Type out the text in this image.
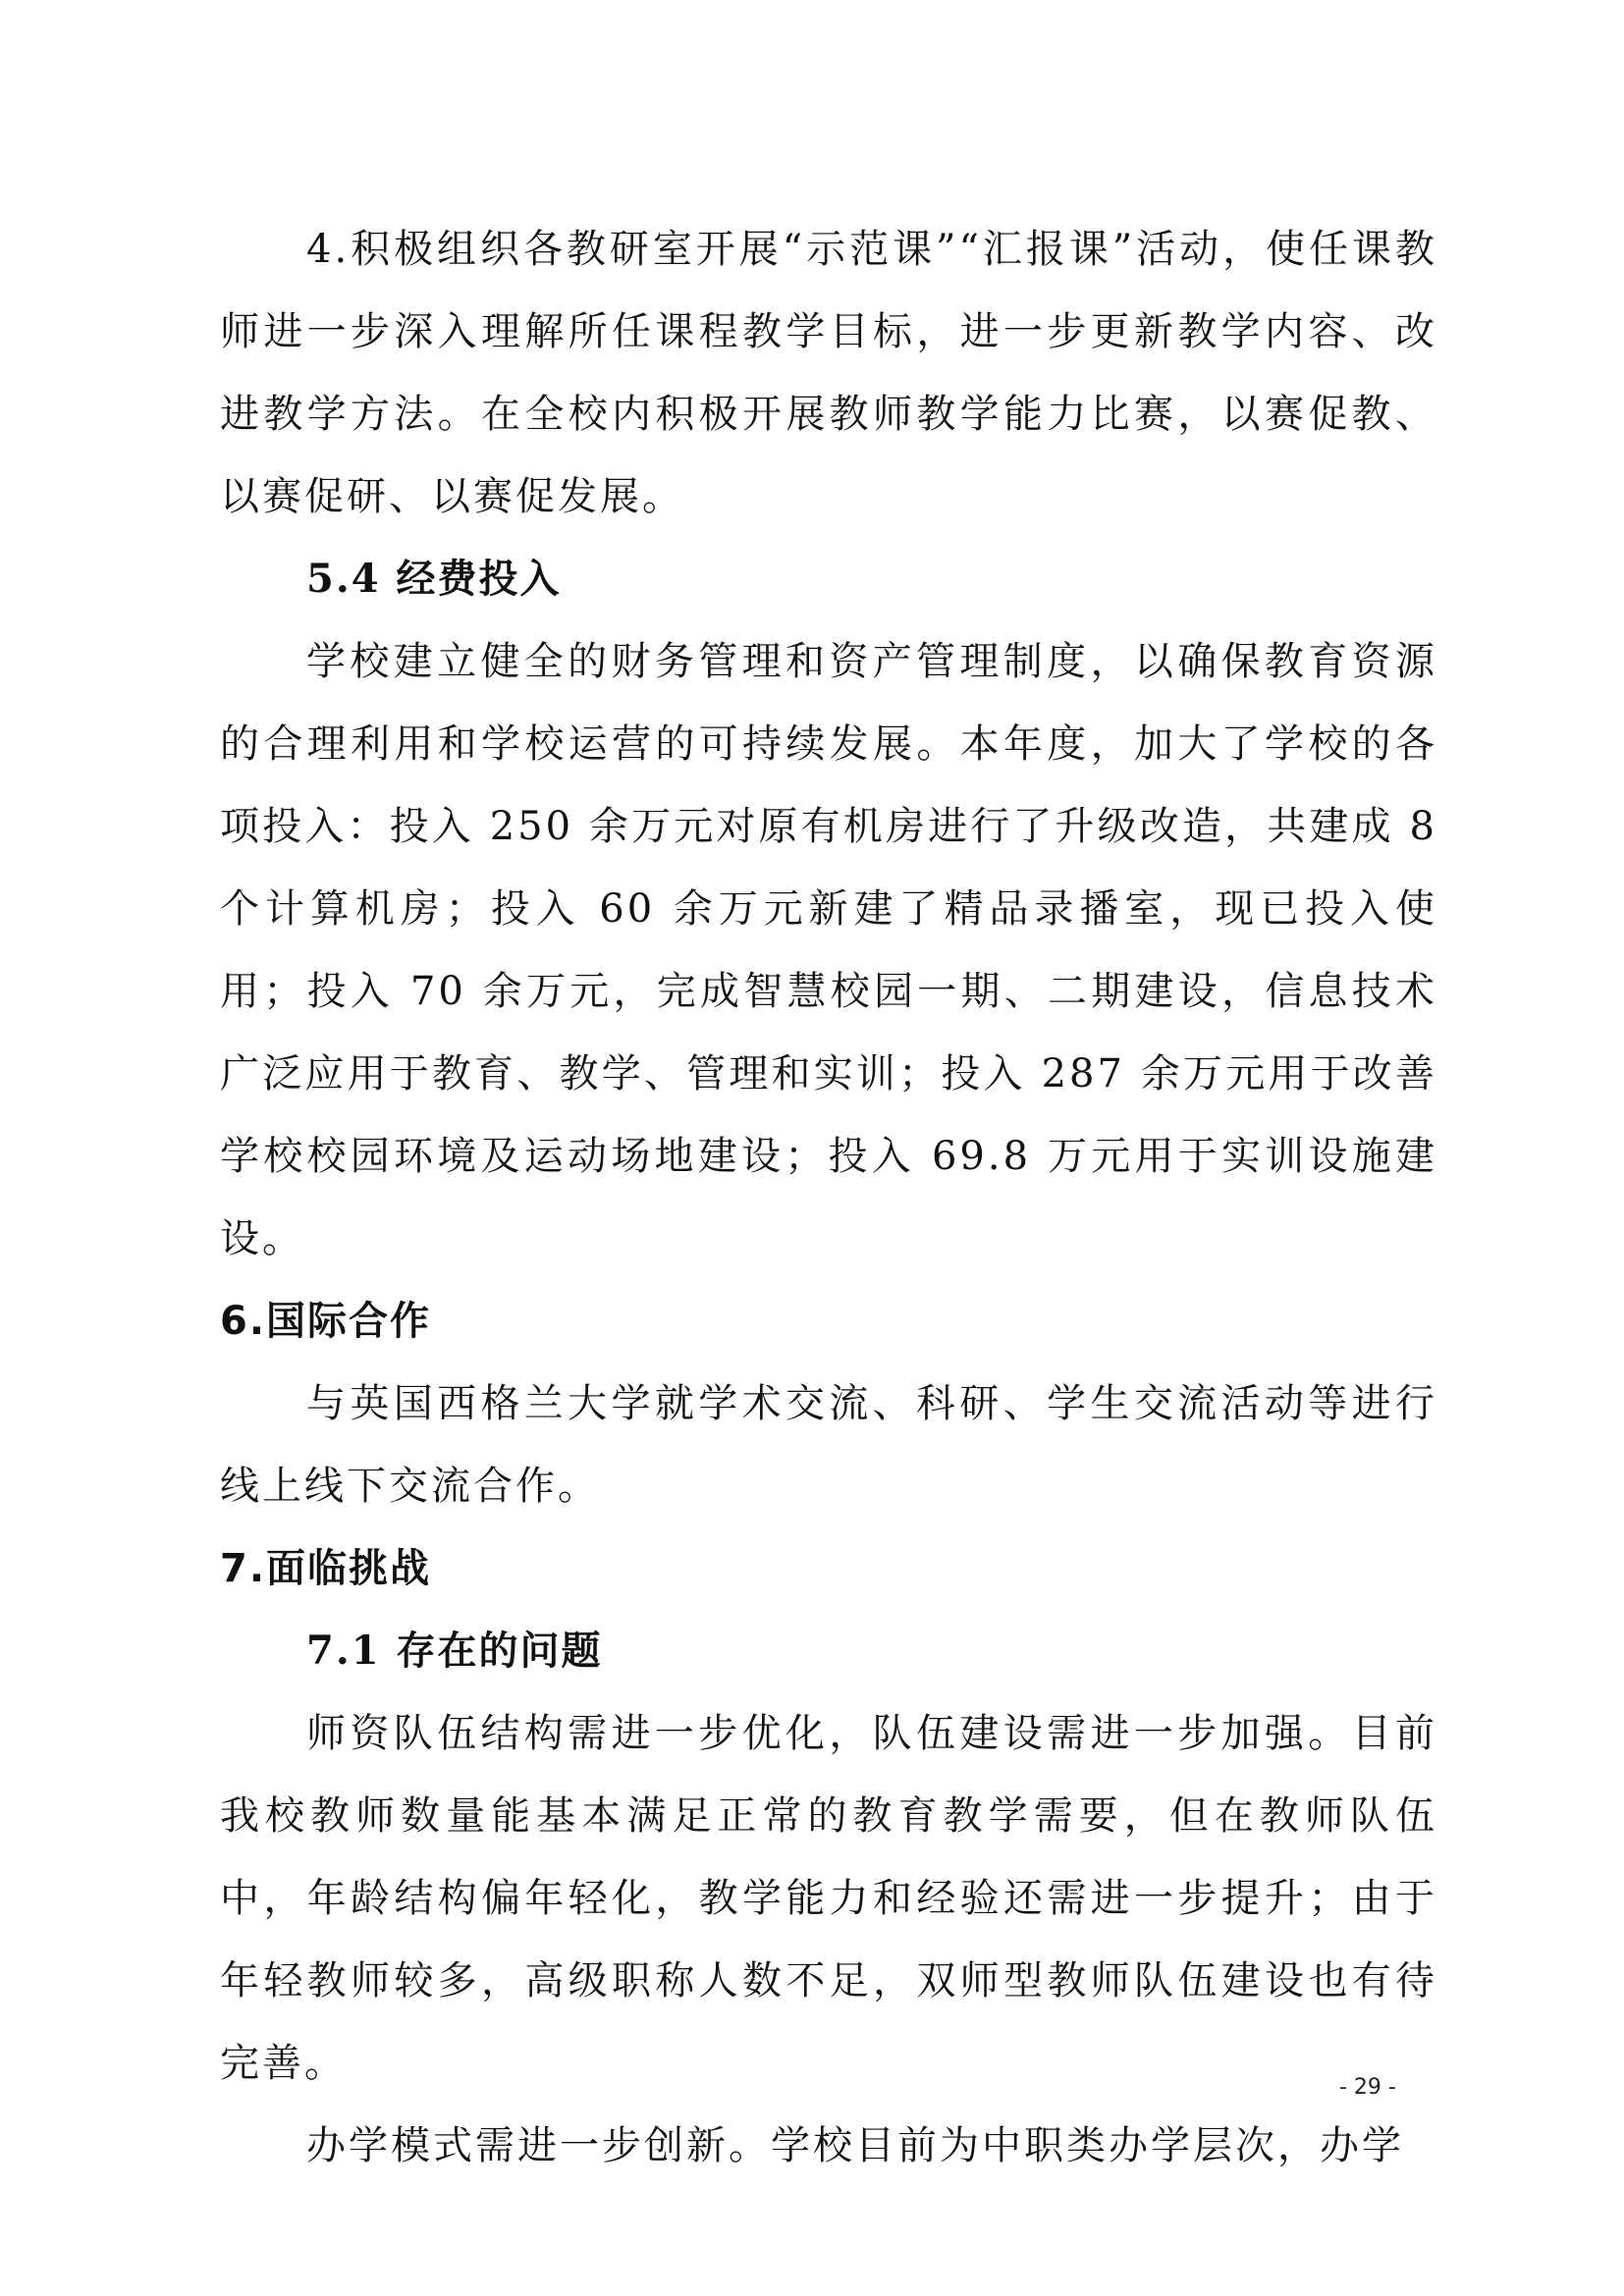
4.积极组织各教研室开展“示范课”“汇报课”活动，使任课教师进一步深入理解所任课程教学目标，进一步更新教学内容、改进教学方法。在全校内积极开展教师教学能力比赛，以赛促教、以赛促研、以赛促发展。

5.4 经费投入

学校建立健全的财务管理和资产管理制度，以确保教育资源的合理利用和学校运营的可持续发展。本年度，加大了学校的各项投入：投入 250 余万元对原有机房进行了升级改造，共建成 8 个计算机房；投入 60 余万元新建了精品录播室，现已投入使用；投入 70 余万元，完成智慧校园一期、二期建设，信息技术广泛应用于教育、教学、管理和实训；投入 287 余万元用于改善学校校园环境及运动场地建设；投入 69.8 万元用于实训设施建设。

6.国际合作

与英国西格兰大学就学术交流、科研、学生交流活动等进行线上线下交流合作。

7.面临挑战
7.1 存在的问题

师资队伍结构需进一步优化，队伍建设需进一步加强。目前我校教师数量能基本满足正常的教育教学需要，但在教师队伍中，年龄结构偏年轻化，教学能力和经验还需进一步提升；由于年轻教师较多，高级职称人数不足，双师型教师队伍建设也有待完善。

办学模式需进一步创新。学校目前为中职类办学层次，办学

- 29 -
